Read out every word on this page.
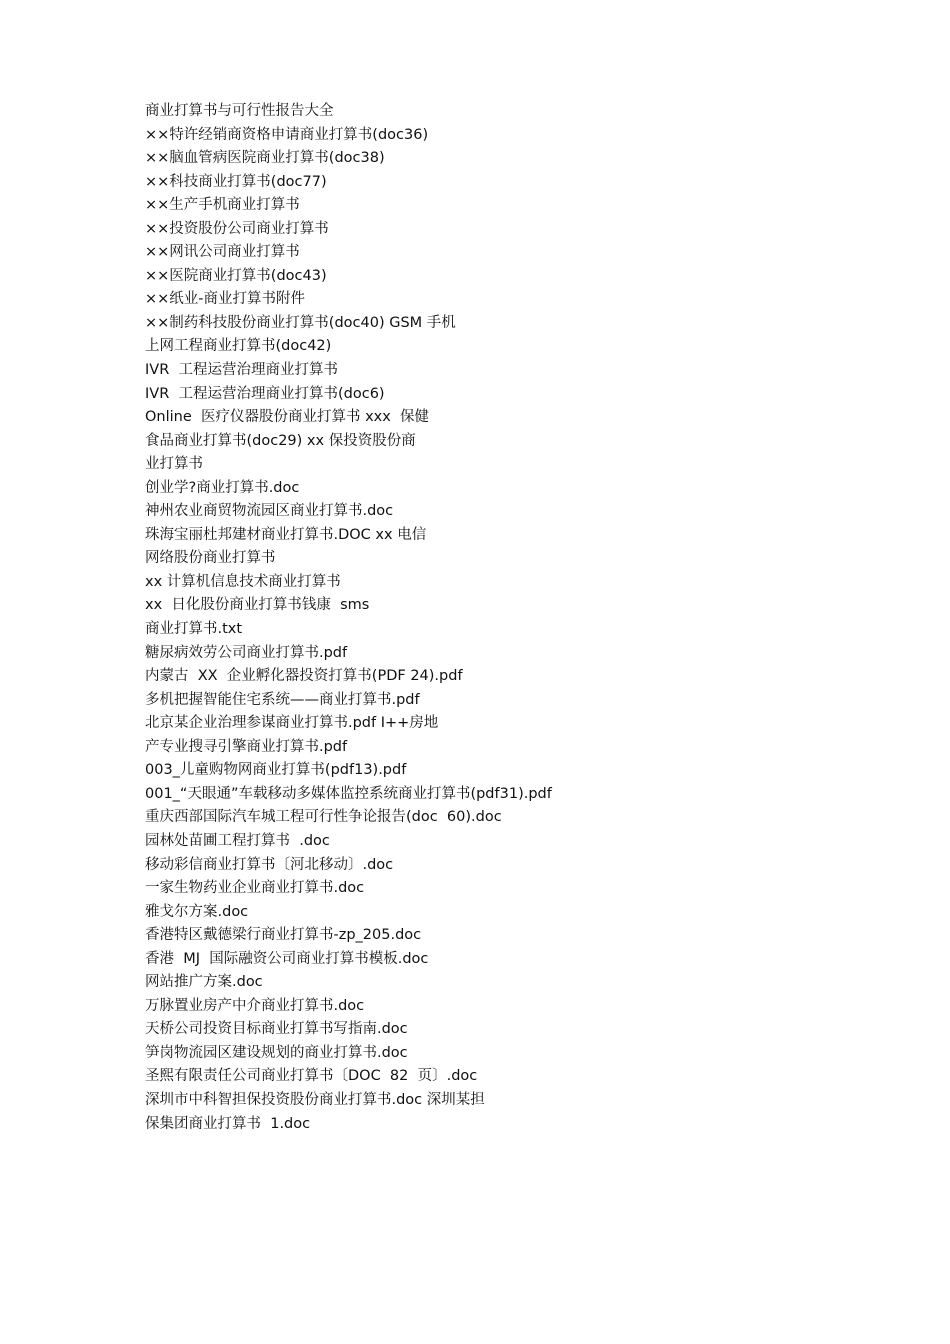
商业打算书与可行性报告大全
××特许经销商资格申请商业打算书(doc36)
××脑血管病医院商业打算书(doc38)
××科技商业打算书(doc77)
××生产手机商业打算书
××投资股份公司商业打算书
××网讯公司商业打算书
××医院商业打算书(doc43)
××纸业-商业打算书附件
××制药科技股份商业打算书(doc40) GSM 手机
上网工程商业打算书(doc42)
IVR  工程运营治理商业打算书
IVR  工程运营治理商业打算书(doc6)
Online  医疗仪器股份商业打算书 xxx  保健
食品商业打算书(doc29) xx 保投资股份商
业打算书
创业学?商业打算书.doc
神州农业商贸物流园区商业打算书.doc
珠海宝丽杜邦建材商业打算书.DOC xx 电信
网络股份商业打算书
xx 计算机信息技术商业打算书
xx  日化股份商业打算书钱康  sms
商业打算书.txt
糖尿病效劳公司商业打算书.pdf
内蒙古  XX  企业孵化器投资打算书(PDF 24).pdf
多机把握智能住宅系统——商业打算书.pdf
北京某企业治理参谋商业打算书.pdf I++房地
产专业搜寻引擎商业打算书.pdf
003_儿童购物网商业打算书(pdf13).pdf
001_“天眼通”车载移动多媒体监控系统商业打算书(pdf31).pdf
重庆西部国际汽车城工程可行性争论报告(doc  60).doc
园林处苗圃工程打算书  .doc
移动彩信商业打算书〔河北移动〕.doc
一家生物药业企业商业打算书.doc
雅戈尔方案.doc
香港特区戴德梁行商业打算书-zp_205.doc
香港  MJ  国际融资公司商业打算书模板.doc
网站推广方案.doc
万脉置业房产中介商业打算书.doc
天桥公司投资目标商业打算书写指南.doc
笋岗物流园区建设规划的商业打算书.doc
圣熙有限责任公司商业打算书〔DOC  82  页〕.doc
深圳市中科智担保投资股份商业打算书.doc 深圳某担
保集团商业打算书  1.doc
